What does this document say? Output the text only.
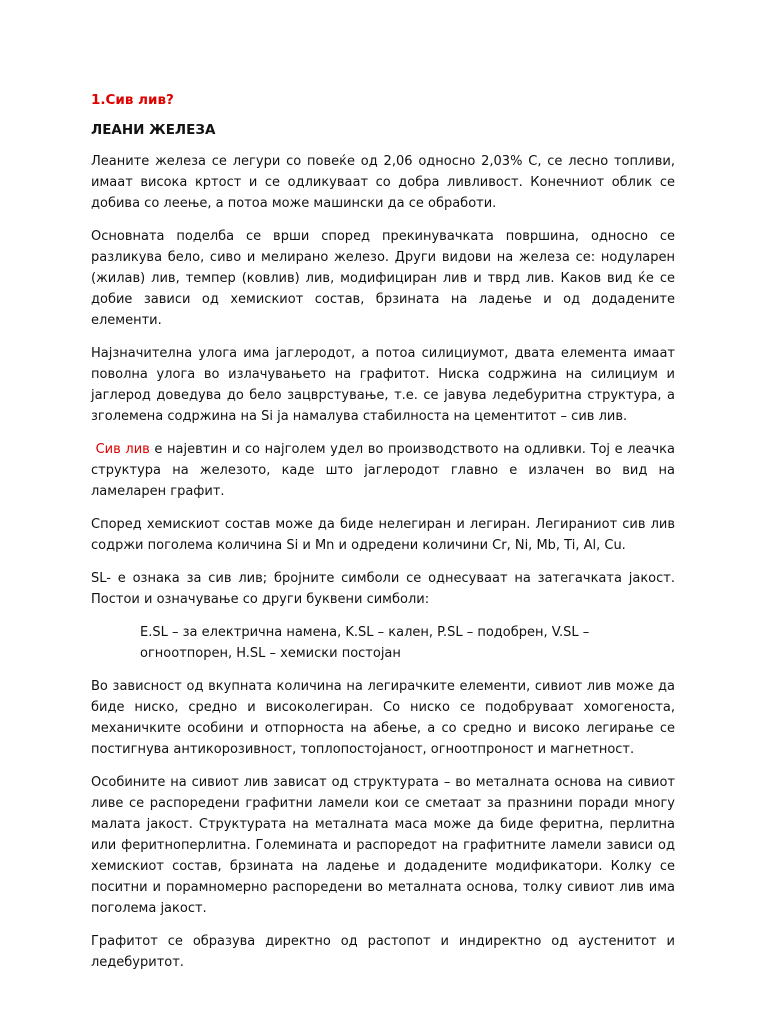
1.Сив лив?
ЛЕАНИ ЖЕЛЕЗА

Леаните железа се легури со повеќе од 2,06 односно 2,03% С, се лесно топливи, имаат висока кртост и се одликуваат со добра ливливост. Конечниот облик се добива со леење, а потоа може машински да се обработи.

Основната поделба се врши според прекинувачката површина, односно се разликува бело, сиво и мелирано железо. Други видови на железа се: нодуларен (жилав) лив, темпер (ковлив) лив, модифициран лив и тврд лив. Каков вид ќе се добие зависи од хемискиот состав, брзината на ладење и од додадените елементи.

Најзначителна улога има јаглеродот, а потоа силициумот, двата елемента имаат поволна улога во излачувањето на графитот. Ниска содржина на силициум и јаглерод доведува до бело зацврстување, т.е. се јавува ледебуритна структура, а зголемена содржина на Si ја намалува стабилноста на цементитот – сив лив.

Сив лив е најевтин и со најголем удел во производството на одливки. Тој е леачка структура на железото, каде што јаглеродот главно е излачен во вид на ламеларен графит.

Според хемискиот состав може да биде нелегиран и легиран. Легираниот сив лив содржи поголема количина Si и Mn и одредени количини Cr, Ni, Mb, Ti, Al, Cu.

SL- е ознака за сив лив; бројните симболи се однесуваат на затегачката јакост. Постои и означување со други буквени симболи:

E.SL – за електрична намена, K.SL – кален, P.SL – подобрен, V.SL – огноотпорен, H.SL – хемиски постојан

Во зависност од вкупната количина на легирачките елементи, сивиот лив може да биде ниско, средно и високолегиран. Со ниско се подобруваат хомогеноста, механичките особини и отпорноста на абење, а со средно и високо легирање се постигнува антикорозивност, топлопостојаност, огноотпроност и магнетност.

Особините на сивиот лив зависат од структурата – во металната основа на сивиот ливе се распоредени графитни ламели кои се сметаат за празнини поради многу малата јакост. Структурата на металната маса може да биде феритна, перлитна или феритноперлитна. Големината и распоредот на графитните ламели зависи од хемискиот состав, брзината на ладење и додадените модификатори. Колку се поситни и порамномерно распоредени во металната основа, толку сивиот лив има поголема јакост.

Графитот се образува директно од растопот и индиректно од аустенитот и ледебуритот.
